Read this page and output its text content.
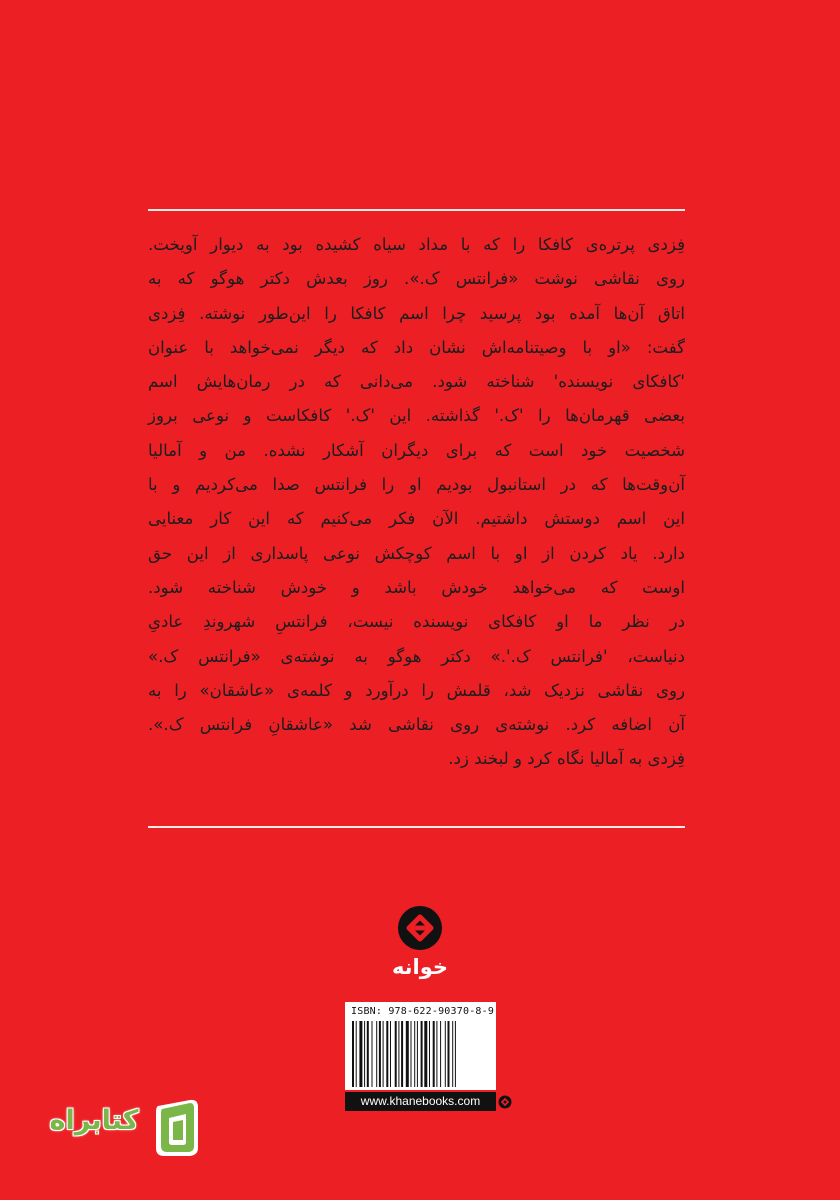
فِزدی پرترەی کافکا را که با مداد سیاه کشیده بود به دیوار آویخت.
روی نقاشی نوشت «فرانتس ک.». روز بعدش دکتر هوگو که به
اتاق آن‌ها آمده بود پرسید چرا اسم کافکا را این‌طور نوشته. فِزدی
گفت: «او با وصیتنامه‌اش نشان داد که دیگر نمی‌خواهد با عنوان
'کافکای نویسنده' شناخته شود. می‌دانی که در رمان‌هایش اسم
بعضی قهرمان‌ها را 'ک.' گذاشته. این 'ک.' کافکاست و نوعی بروز
شخصیت خود است که برای دیگران آشکار نشده. من و آمالیا
آن‌وقت‌ها که در استانبول بودیم او را فرانتس صدا می‌کردیم و با
این اسم دوستش داشتیم. الآن فکر می‌کنیم که این کار معنایی
دارد. یاد کردن از او با اسم کوچکش نوعی پاسداری از این حق
اوست که می‌خواهد خودش باشد و خودش شناخته شود.
در نظر ما او کافکای نویسنده نیست، فرانتسِ شهروندِ عادیِ
دنیاست، 'فرانتس ک.'.» دکتر هوگو به نوشته‌ی «فرانتس ک.»
روی نقاشی نزدیک شد، قلمش را درآورد و کلمه‌ی «عاشقان» را به
آن اضافه کرد. نوشته‌ی روی نقاشی شد «عاشقانِ فرانتس ک.».
فِزدی به آمالیا نگاه کرد و لبخند زد.
خوانه
ISBN: 978-622-90370-8-9
www.khanebooks.com
کتابراه
